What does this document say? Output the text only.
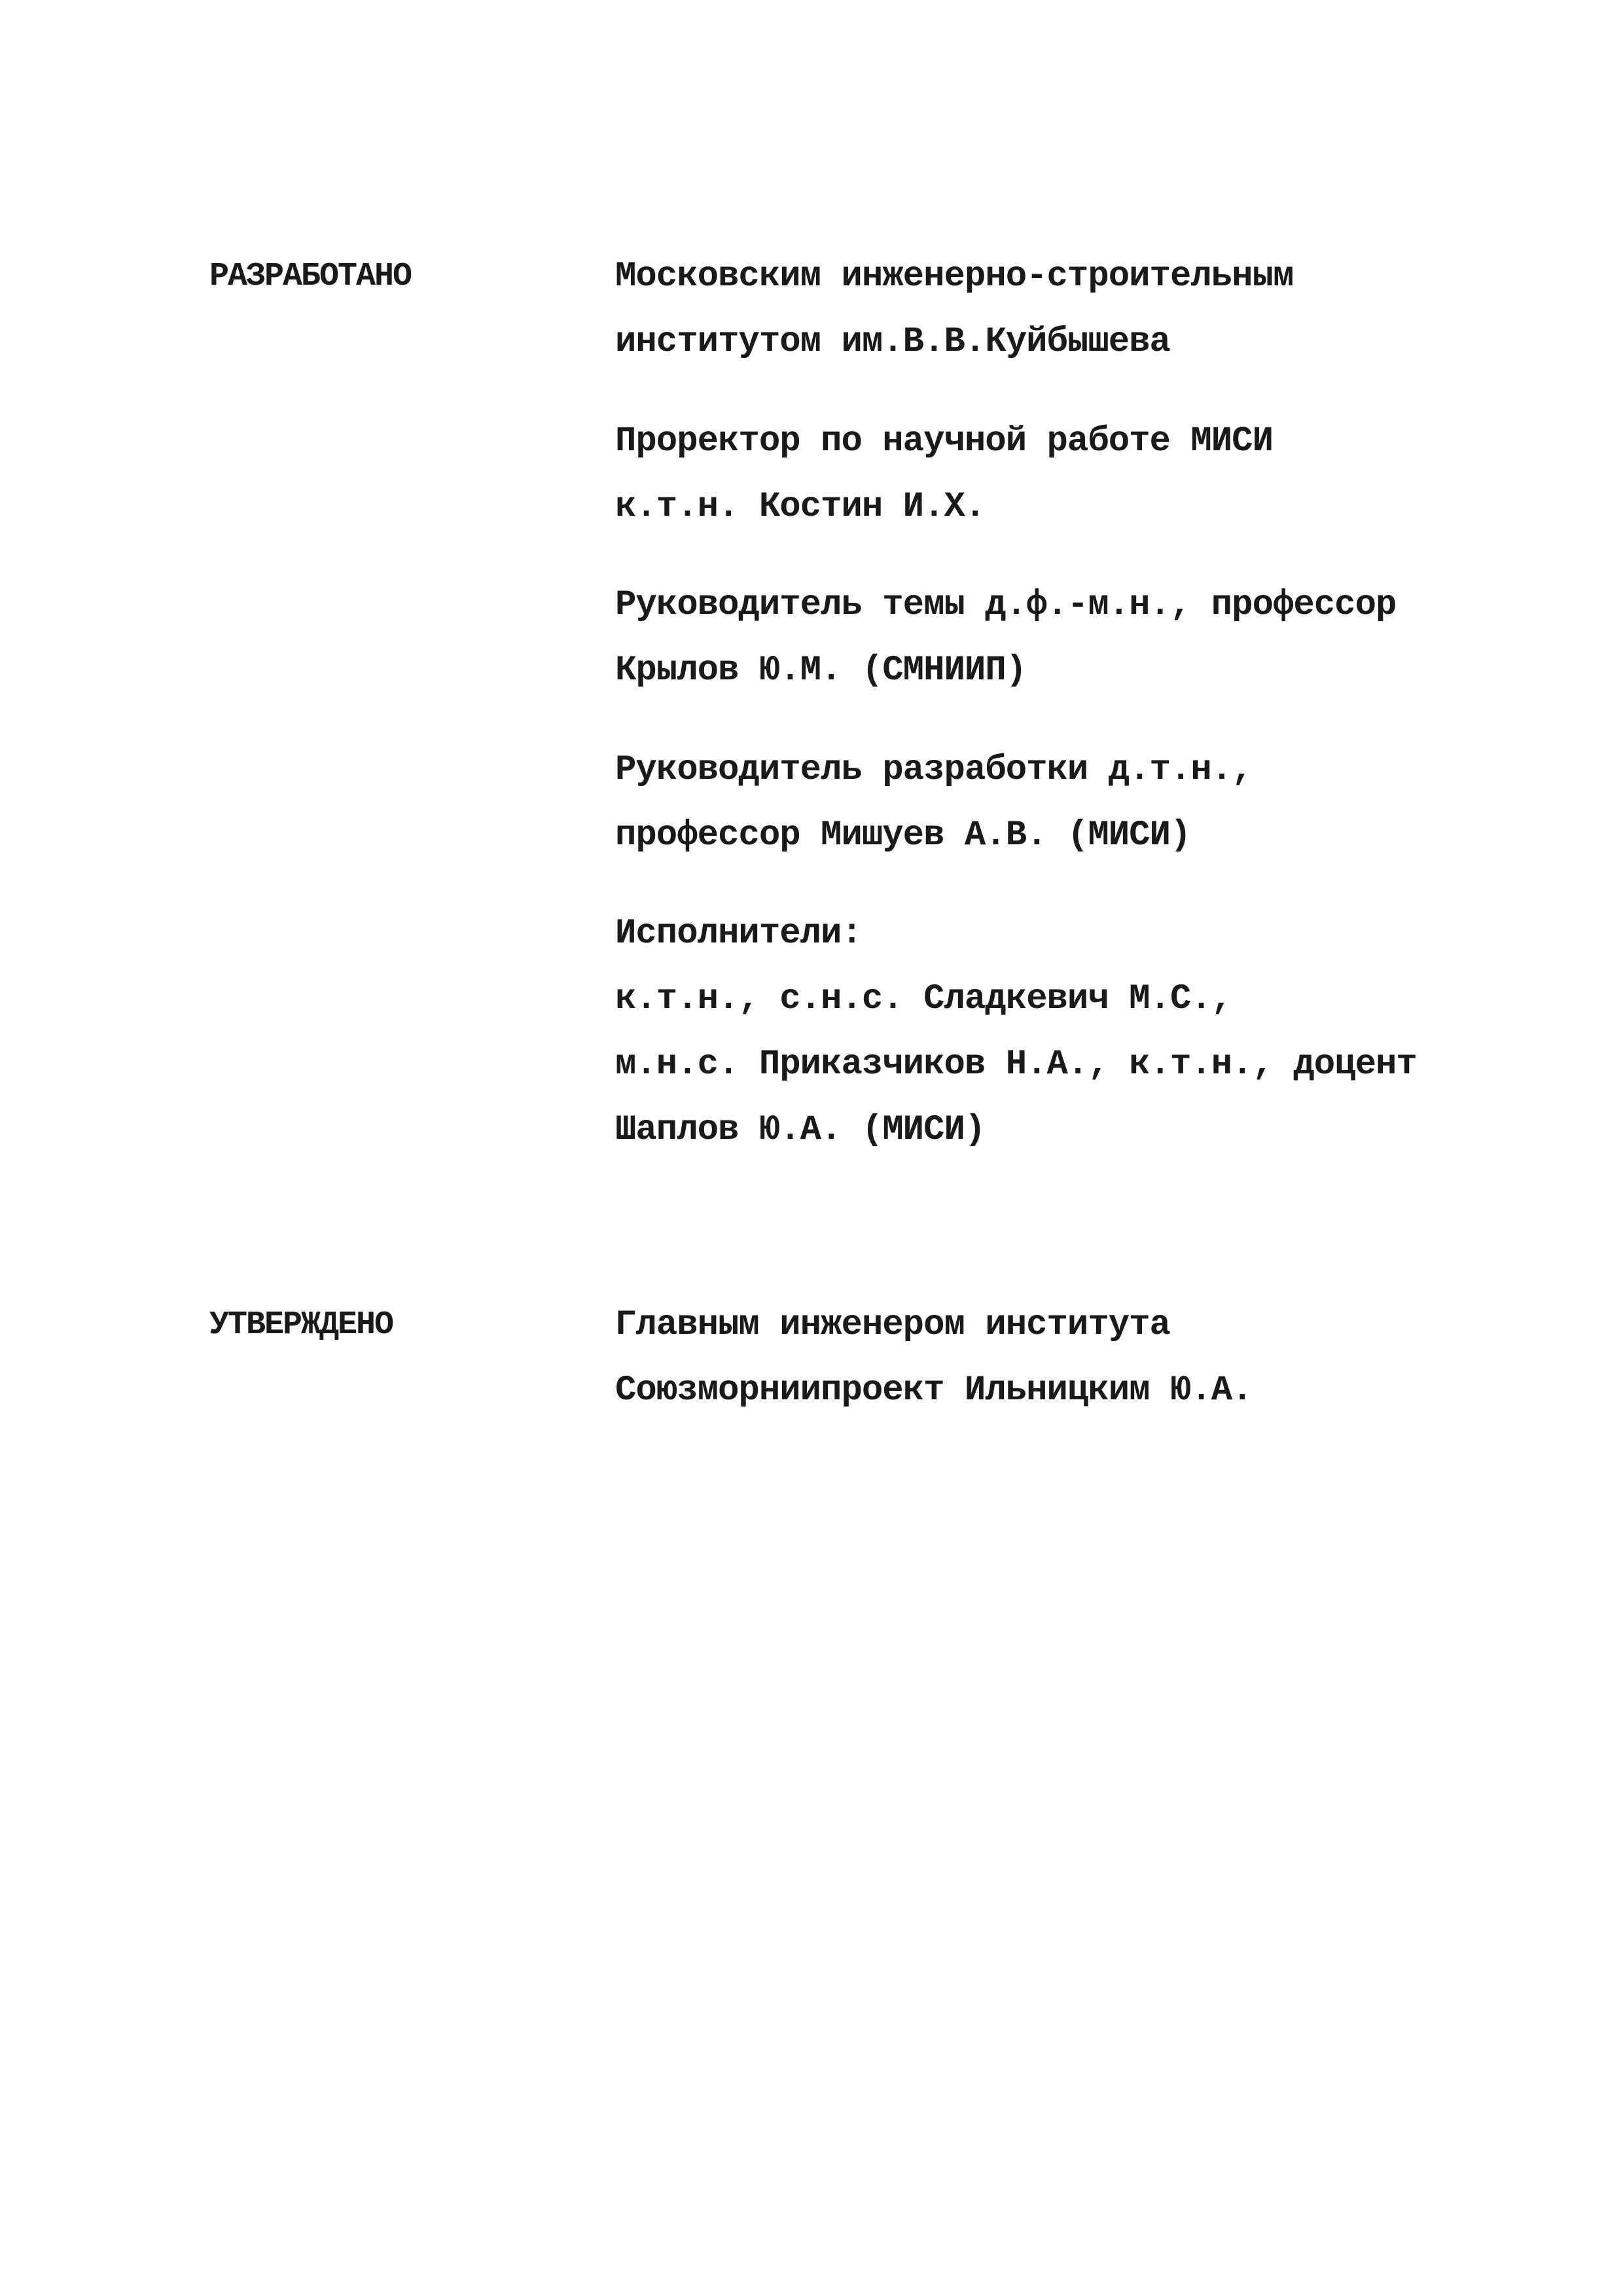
РАЗРАБОТАНО	Московским инженерно-строительным
институтом им.В.В.Куйбышева
Проректор по научной работе МИСИ
к.т.н. Костин И.Х.
Руководитель темы д.ф.-м.н., профессор
Крылов Ю.М. (СМНИИП)
Руководитель разработки д.т.н.,
профессор Мишуев А.В. (МИСИ)
Исполнители:
к.т.н., с.н.с. Сладкевич М.С.,
м.н.с. Приказчиков Н.А., к.т.н., доцент
Шаплов Ю.А. (МИСИ)
УТВЕРЖДЕНО	Главным инженером института
Союзморниипроект Ильницким Ю.А.
